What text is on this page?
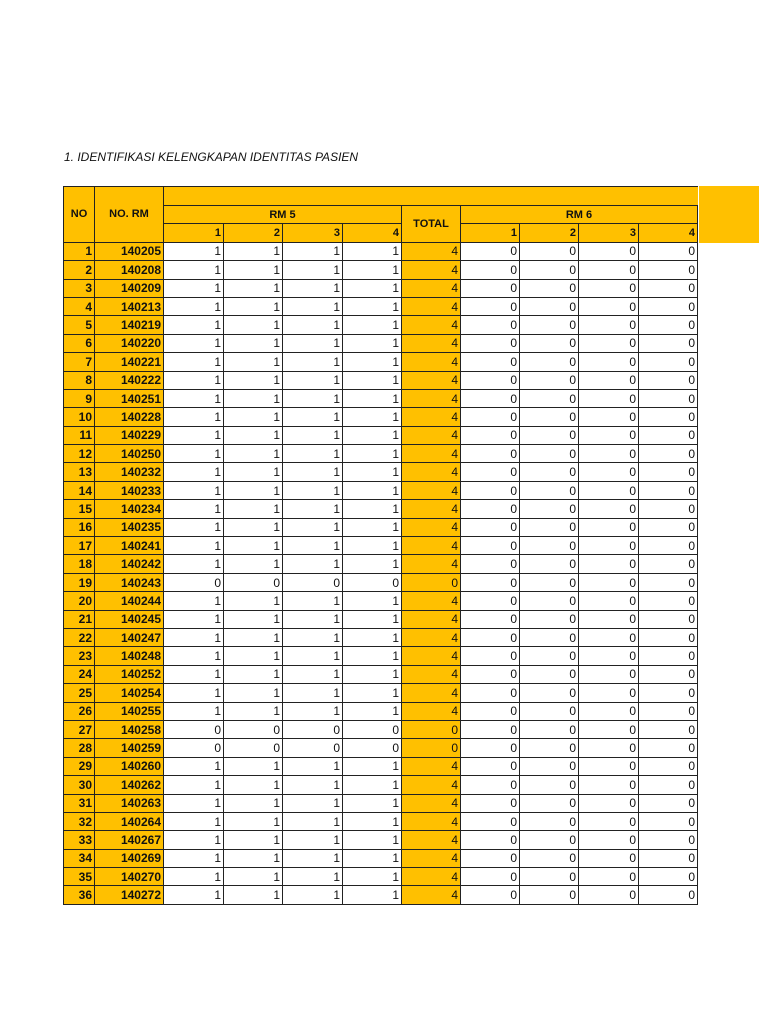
1. IDENTIFIKASI KELENGKAPAN IDENTITAS PASIEN
NO	NO. RM									
		RM 5				TOTAL	RM 6			
		1	2	3	4		1	2	3	4
1	140205	1	1	1	1	4	0	0	0	0
2	140208	1	1	1	1	4	0	0	0	0
3	140209	1	1	1	1	4	0	0	0	0
4	140213	1	1	1	1	4	0	0	0	0
5	140219	1	1	1	1	4	0	0	0	0
6	140220	1	1	1	1	4	0	0	0	0
7	140221	1	1	1	1	4	0	0	0	0
8	140222	1	1	1	1	4	0	0	0	0
9	140251	1	1	1	1	4	0	0	0	0
10	140228	1	1	1	1	4	0	0	0	0
11	140229	1	1	1	1	4	0	0	0	0
12	140250	1	1	1	1	4	0	0	0	0
13	140232	1	1	1	1	4	0	0	0	0
14	140233	1	1	1	1	4	0	0	0	0
15	140234	1	1	1	1	4	0	0	0	0
16	140235	1	1	1	1	4	0	0	0	0
17	140241	1	1	1	1	4	0	0	0	0
18	140242	1	1	1	1	4	0	0	0	0
19	140243	0	0	0	0	0	0	0	0	0
20	140244	1	1	1	1	4	0	0	0	0
21	140245	1	1	1	1	4	0	0	0	0
22	140247	1	1	1	1	4	0	0	0	0
23	140248	1	1	1	1	4	0	0	0	0
24	140252	1	1	1	1	4	0	0	0	0
25	140254	1	1	1	1	4	0	0	0	0
26	140255	1	1	1	1	4	0	0	0	0
27	140258	0	0	0	0	0	0	0	0	0
28	140259	0	0	0	0	0	0	0	0	0
29	140260	1	1	1	1	4	0	0	0	0
30	140262	1	1	1	1	4	0	0	0	0
31	140263	1	1	1	1	4	0	0	0	0
32	140264	1	1	1	1	4	0	0	0	0
33	140267	1	1	1	1	4	0	0	0	0
34	140269	1	1	1	1	4	0	0	0	0
35	140270	1	1	1	1	4	0	0	0	0
36	140272	1	1	1	1	4	0	0	0	0
